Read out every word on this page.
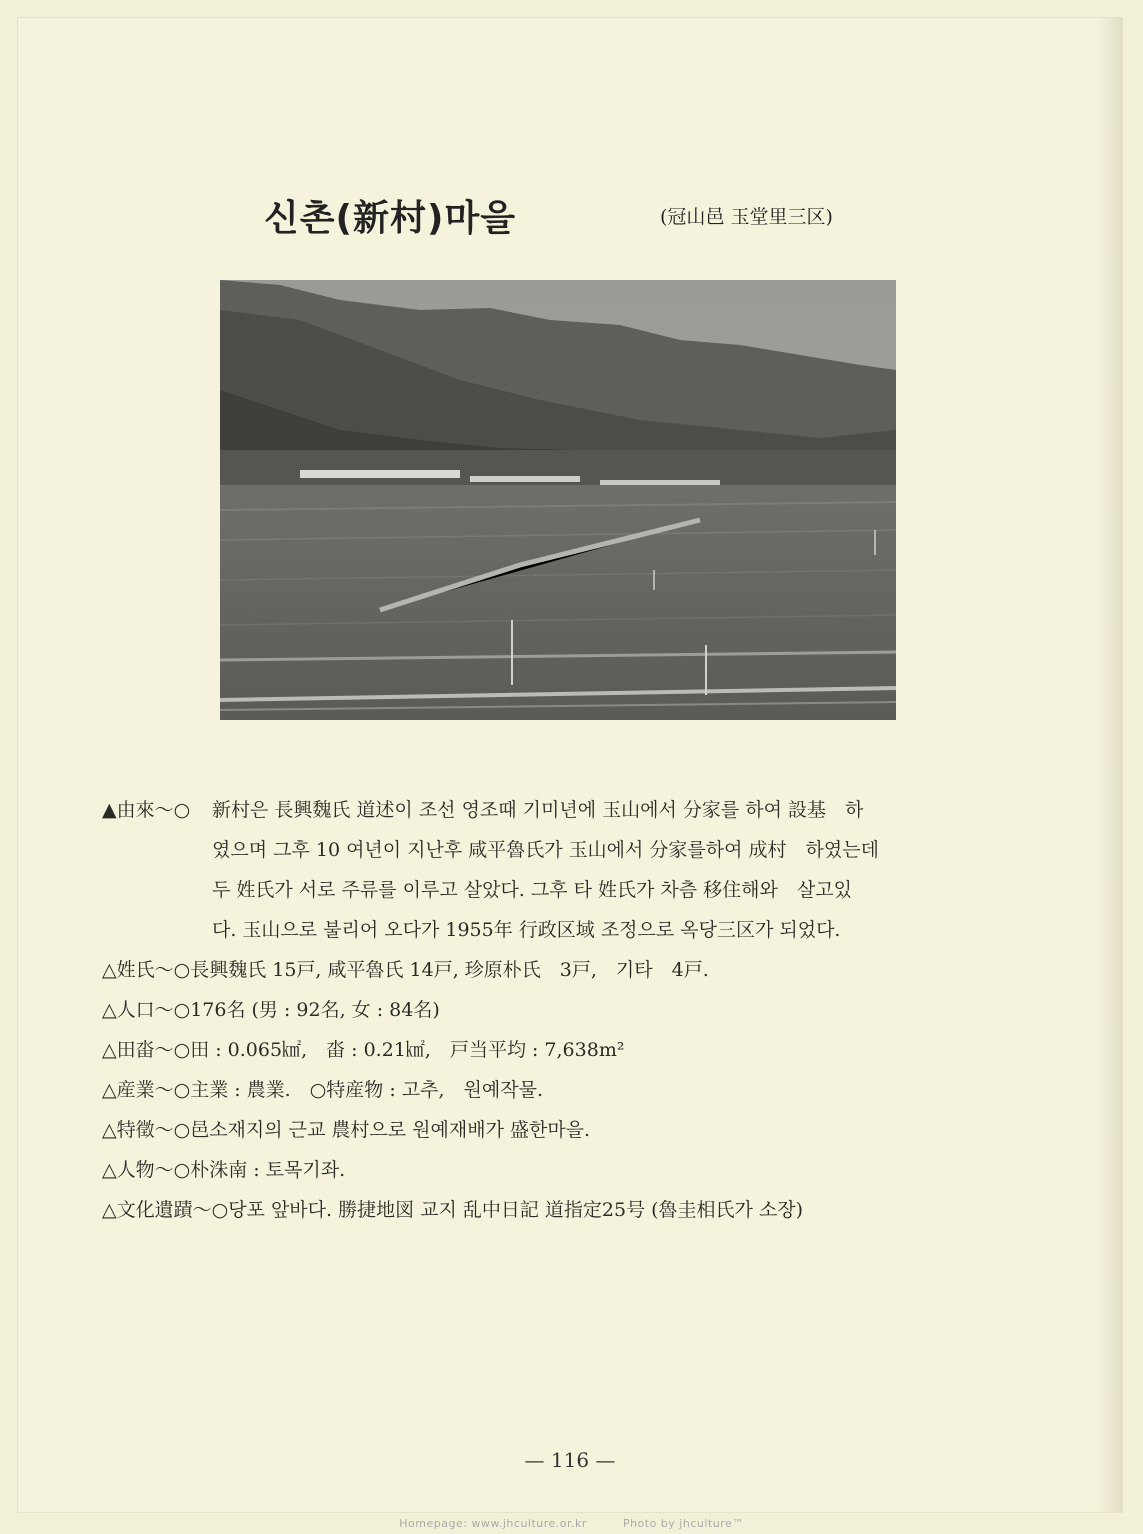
신촌(新村)마을	(冠山邑 玉堂里三区)
▲由來～○	新村은 長興魏氏 道述이 조선 영조때 기미년에 玉山에서 分家를 하여 設基　하
였으며 그후 10 여년이 지난후 咸平魯氏가 玉山에서 分家를하여 成村　하였는데
두 姓氏가 서로 주류를 이루고 살았다. 그후 타 姓氏가 차츰 移住해와　살고있
다. 玉山으로 불리어 오다가 1955年 行政区域 조정으로 옥당三区가 되었다.
△姓氏～○ 長興魏氏 15戸, 咸平魯氏 14戸, 珍原朴氏　3戸,　기타　4戸.
△人口～○ 176名 (男 : 92名, 女 : 84名)
△田畓～○ 田 : 0.065㎢,　畓 : 0.21㎢,　戸当平均 : 7,638m²
△産業～○ 主業 : 農業.　○特産物 : 고추,　원예작물.
△特徵～○ 邑소재지의 근교 農村으로 원예재배가 盛한마을.
△人物～○ 朴洙南 : 토목기좌.
△文化遺蹟～○ 당포 앞바다. 勝捷地図 교지 乱中日記 道指定25号 (魯圭相氏가 소장)
— 116 —
Homepage: www.jhculture.or.kr	Photo by jhculture™
